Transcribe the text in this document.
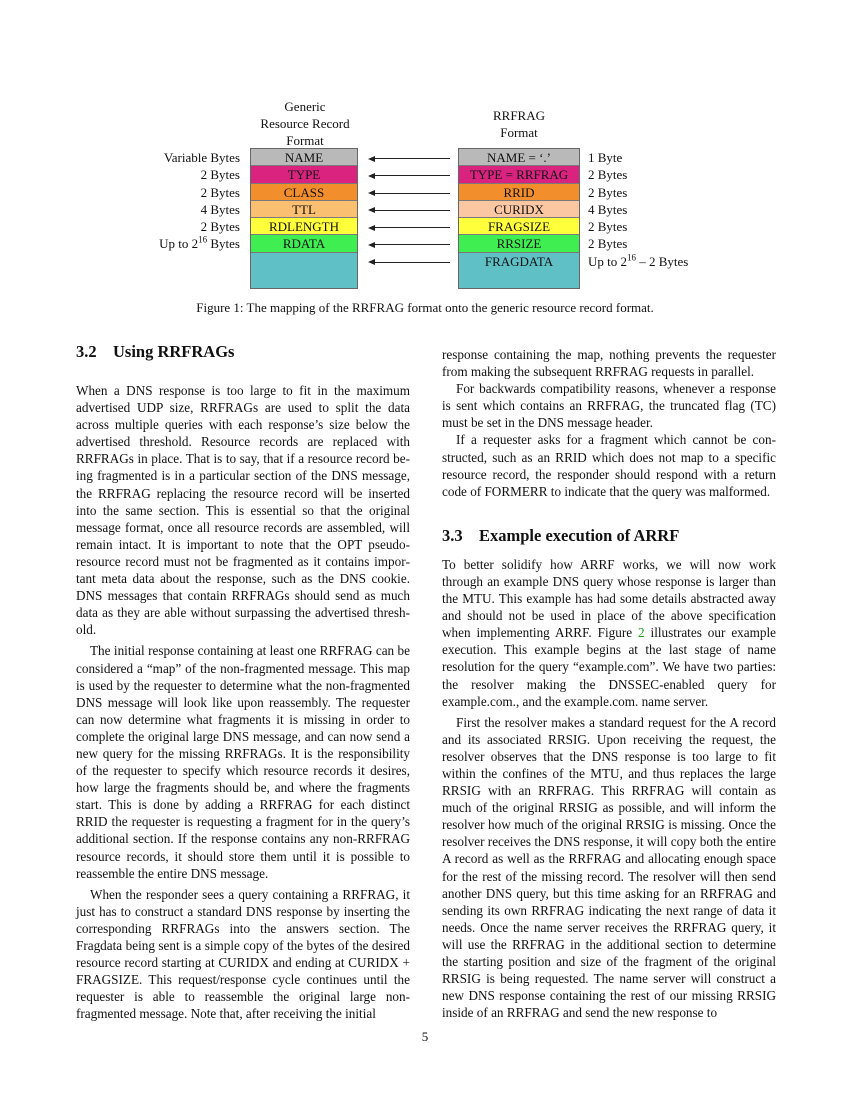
Generic
Resource Record
Format
RRFRAG
Format
Variable Bytes
2 Bytes
2 Bytes
4 Bytes
2 Bytes
Up to $2^{16}$ Bytes
NAME
TYPE
CLASS
TTL
RDLENGTH
RDATA
NAME = ‘.’
TYPE = RRFRAG
RRID
CURIDX
FRAGSIZE
RRSIZE
FRAGDATA
1 Byte
2 Bytes
2 Bytes
4 Bytes
2 Bytes
2 Bytes
Up to $2^{16} - 2$ Bytes
Figure 1: The mapping of the RRFRAG format onto the generic resource record format.
3.2 Using RRFRAGs

When a DNS response is too large to fit in the maximum advertised UDP size, RRFRAGs are used to split the data across multiple queries with each response’s size below the advertised threshold. Resource records are replaced with RRFRAGs in place. That is to say, that if a resource record being fragmented is in a particular section of the DNS message, the RRFRAG replacing the resource record will be inserted into the same section. This is essential so that the original message format, once all resource records are assembled, will remain intact. It is important to note that the OPT pseudo-resource record must not be fragmented as it contains important meta data about the response, such as the DNS cookie. DNS messages that contain RRFRAGs should send as much data as they are able without surpassing the advertised threshold.

The initial response containing at least one RRFRAG can be considered a “map” of the non-fragmented message. This map is used by the requester to determine what the non-fragmented DNS message will look like upon reassembly. The requester can now determine what fragments it is missing in order to complete the original large DNS message, and can now send a new query for the missing RRFRAGs. It is the responsibility of the requester to specify which resource records it desires, how large the fragments should be, and where the fragments start. This is done by adding a RRFRAG for each distinct RRID the requester is requesting a fragment for in the query’s additional section. If the response contains any non-RRFRAG resource records, it should store them until it is possible to reassemble the entire DNS message.

When the responder sees a query containing a RRFRAG, it just has to construct a standard DNS response by inserting the corresponding RRFRAGs into the answers section. The Fragdata being sent is a simple copy of the bytes of the desired resource record starting at CURIDX and ending at CURIDX + FRAGSIZE. This request/response cycle continues until the requester is able to reassemble the original large non-fragmented message. Note that, after receiving the initial

response containing the map, nothing prevents the requester from making the subsequent RRFRAG requests in parallel.

For backwards compatibility reasons, whenever a response is sent which contains an RRFRAG, the truncated flag (TC) must be set in the DNS message header.

If a requester asks for a fragment which cannot be constructed, such as an RRID which does not map to a specific resource record, the responder should respond with a return code of FORMERR to indicate that the query was malformed.

3.3 Example execution of ARRF

To better solidify how ARRF works, we will now work through an example DNS query whose response is larger than the MTU. This example has had some details abstracted away and should not be used in place of the above specification when implementing ARRF. Figure 2 illustrates our example execution. This example begins at the last stage of name resolution for the query “example.com”. We have two parties: the resolver making the DNSSEC-enabled query for example.com., and the example.com. name server.

First the resolver makes a standard request for the A record and its associated RRSIG. Upon receiving the request, the resolver observes that the DNS response is too large to fit within the confines of the MTU, and thus replaces the large RRSIG with an RRFRAG. This RRFRAG will contain as much of the original RRSIG as possible, and will inform the resolver how much of the original RRSIG is missing. Once the resolver receives the DNS response, it will copy both the entire A record as well as the RRFRAG and allocating enough space for the rest of the missing record. The resolver will then send another DNS query, but this time asking for an RRFRAG and sending its own RRFRAG indicating the next range of data it needs. Once the name server receives the RRFRAG query, it will use the RRFRAG in the additional section to determine the starting position and size of the fragment of the original RRSIG is being requested. The name server will construct a new DNS response containing the rest of our missing RRSIG inside of an RRFRAG and send the new response to

5
